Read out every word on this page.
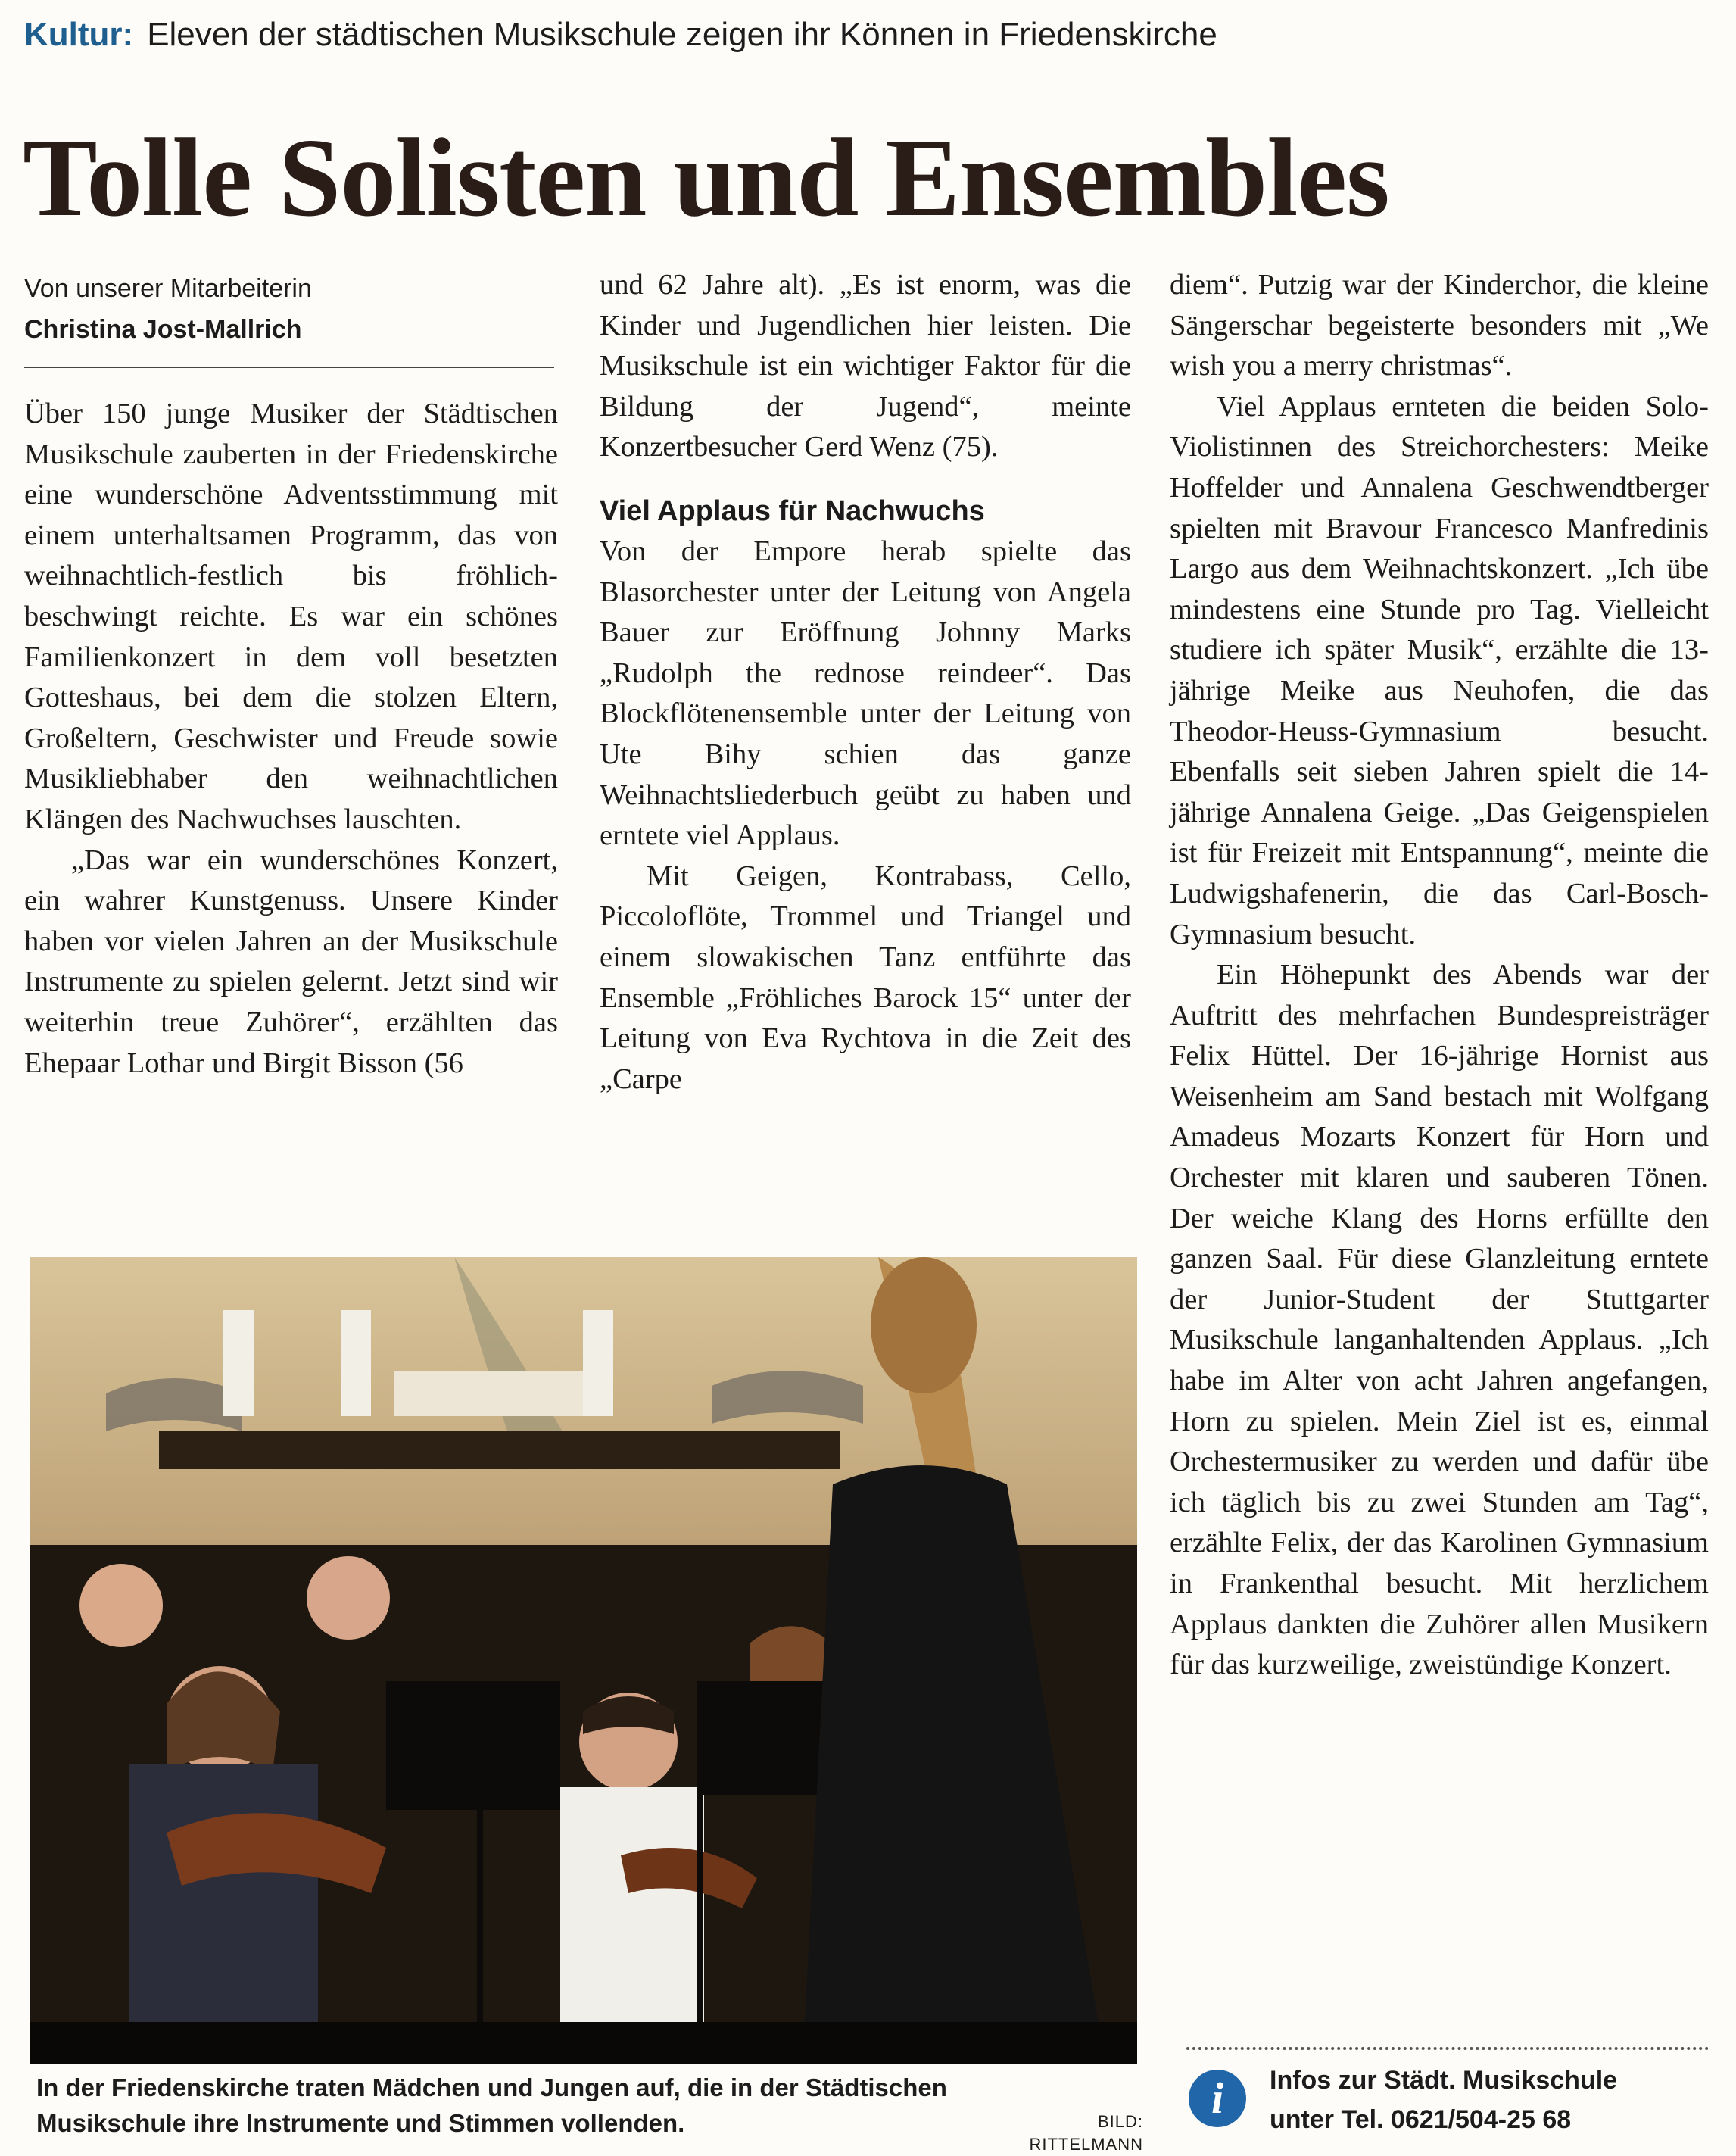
Kultur: Eleven der städtischen Musikschule zeigen ihr Können in Friedenskirche
Tolle Solisten und Ensembles
Von unserer Mitarbeiterin
Christina Jost-Mallrich

Über 150 junge Musiker der Städtischen Musikschule zauberten in der Friedenskirche eine wunderschöne Adventsstimmung mit einem unterhaltsamen Programm, das von weihnachtlich-festlich bis fröhlich-beschwingt reichte. Es war ein schönes Familienkonzert in dem voll besetzten Gotteshaus, bei dem die stolzen Eltern, Großeltern, Geschwister und Freude sowie Musikliebhaber den weihnachtlichen Klängen des Nachwuchses lauschten.

„Das war ein wunderschönes Konzert, ein wahrer Kunstgenuss. Unsere Kinder haben vor vielen Jahren an der Musikschule Instrumente zu spielen gelernt. Jetzt sind wir weiterhin treue Zuhörer“, erzählten das Ehepaar Lothar und Birgit Bisson (56

und 62 Jahre alt). „Es ist enorm, was die Kinder und Jugendlichen hier leisten. Die Musikschule ist ein wichtiger Faktor für die Bildung der Jugend“, meinte Konzertbesucher Gerd Wenz (75).

Viel Applaus für Nachwuchs

Von der Empore herab spielte das Blasorchester unter der Leitung von Angela Bauer zur Eröffnung Johnny Marks „Rudolph the rednose reindeer“. Das Blockflötenensemble unter der Leitung von Ute Bihy schien das ganze Weihnachtsliederbuch geübt zu haben und erntete viel Applaus.

Mit Geigen, Kontrabass, Cello, Piccoloflöte, Trommel und Triangel und einem slowakischen Tanz entführte das Ensemble „Fröhliches Barock 15“ unter der Leitung von Eva Rychtova in die Zeit des „Carpe

diem“. Putzig war der Kinderchor, die kleine Sängerschar begeisterte besonders mit „We wish you a merry christmas“.

Viel Applaus ernteten die beiden Solo-Violistinnen des Streichorchesters: Meike Hoffelder und Annalena Geschwendtberger spielten mit Bravour Francesco Manfredinis Largo aus dem Weihnachtskonzert. „Ich übe mindestens eine Stunde pro Tag. Vielleicht studiere ich später Musik“, erzählte die 13-jährige Meike aus Neuhofen, die das Theodor-Heuss-Gymnasium besucht. Ebenfalls seit sieben Jahren spielt die 14-jährige Annalena Geige. „Das Geigenspielen ist für Freizeit mit Entspannung“, meinte die Ludwigshafenerin, die das Carl-Bosch-Gymnasium besucht.

Ein Höhepunkt des Abends war der Auftritt des mehrfachen Bundespreisträger Felix Hüttel. Der 16-jährige Hornist aus Weisenheim am Sand bestach mit Wolfgang Amadeus Mozarts Konzert für Horn und Orchester mit klaren und sauberen Tönen. Der weiche Klang des Horns erfüllte den ganzen Saal. Für diese Glanzleitung erntete der Junior-Student der Stuttgarter Musikschule langanhaltenden Applaus. „Ich habe im Alter von acht Jahren angefangen, Horn zu spielen. Mein Ziel ist es, einmal Orchestermusiker zu werden und dafür übe ich täglich bis zu zwei Stunden am Tag“, erzählte Felix, der das Karolinen Gymnasium in Frankenthal besucht. Mit herzlichem Applaus dankten die Zuhörer allen Musikern für das kurzweilige, zweistündige Konzert.

In der Friedenskirche traten Mädchen und Jungen auf, die in der Städtischen Musikschule ihre Instrumente und Stimmen vollenden.	BILD: RITTELMANN
i	Infos zur Städt. Musikschule
unter Tel. 0621/504-25 68
